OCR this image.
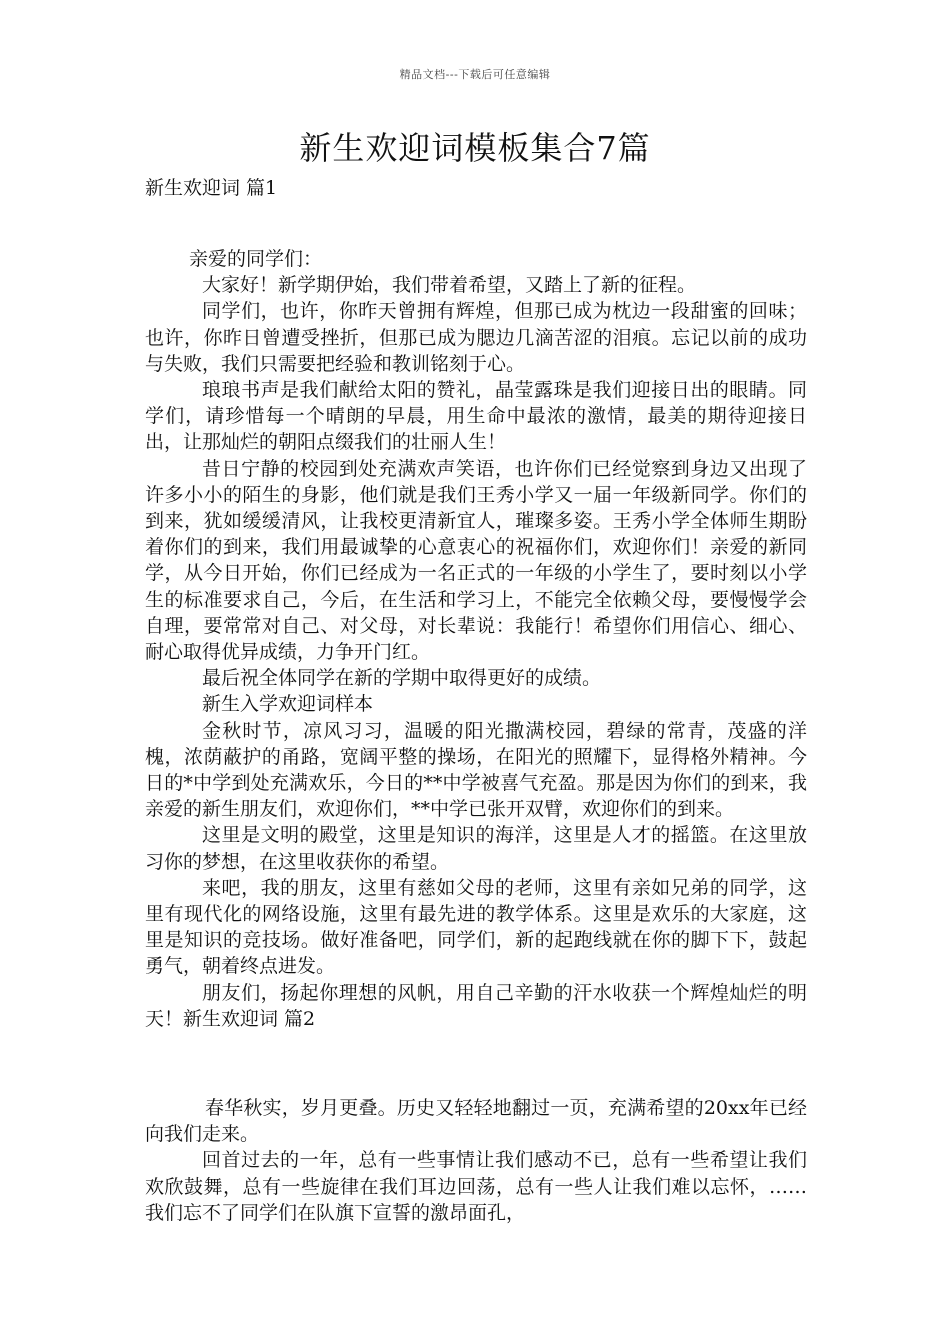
精品文档---下载后可任意编辑
新生欢迎词模板集合7篇
新生欢迎词 篇1

亲爱的同学们：

大家好！新学期伊始，我们带着希望，又踏上了新的征程。

同学们，也许，你昨天曾拥有辉煌，但那已成为枕边一段甜蜜的回味；也许，你昨日曾遭受挫折，但那已成为腮边几滴苦涩的泪痕。忘记以前的成功与失败，我们只需要把经验和教训铭刻于心。

琅琅书声是我们献给太阳的赞礼，晶莹露珠是我们迎接日出的眼睛。同学们，请珍惜每一个晴朗的早晨，用生命中最浓的激情，最美的期待迎接日出，让那灿烂的朝阳点缀我们的壮丽人生！

昔日宁静的校园到处充满欢声笑语，也许你们已经觉察到身边又出现了许多小小的陌生的身影，他们就是我们王秀小学又一届一年级新同学。你们的到来，犹如缓缓清风，让我校更清新宜人，璀璨多姿。王秀小学全体师生期盼着你们的到来，我们用最诚挚的心意衷心的祝福你们，欢迎你们！亲爱的新同学，从今日开始，你们已经成为一名正式的一年级的小学生了，要时刻以小学生的标准要求自己，今后，在生活和学习上，不能完全依赖父母，要慢慢学会自理，要常常对自己、对父母，对长辈说：我能行！希望你们用信心、细心、耐心取得优异成绩，力争开门红。

最后祝全体同学在新的学期中取得更好的成绩。

新生入学欢迎词样本

金秋时节，凉风习习，温暖的阳光撒满校园，碧绿的常青，茂盛的洋槐，浓荫蔽护的甬路，宽阔平整的操场，在阳光的照耀下，显得格外精神。今日的*中学到处充满欢乐，今日的**中学被喜气充盈。那是因为你们的到来，我亲爱的新生朋友们，欢迎你们，**中学已张开双臂，欢迎你们的到来。

这里是文明的殿堂，这里是知识的海洋，这里是人才的摇篮。在这里放习你的梦想，在这里收获你的希望。

来吧，我的朋友，这里有慈如父母的老师，这里有亲如兄弟的同学，这里有现代化的网络设施，这里有最先进的教学体系。这里是欢乐的大家庭，这里是知识的竞技场。做好准备吧，同学们，新的起跑线就在你的脚下下，鼓起勇气，朝着终点进发。

朋友们，扬起你理想的风帆，用自己辛勤的汗水收获一个辉煌灿烂的明天！新生欢迎词 篇2

春华秋实，岁月更叠。历史又轻轻地翻过一页，充满希望的20xx年已经向我们走来。

回首过去的一年，总有一些事情让我们感动不已，总有一些希望让我们欢欣鼓舞，总有一些旋律在我们耳边回荡，总有一些人让我们难以忘怀，……我们忘不了同学们在队旗下宣誓的激昂面孔，
